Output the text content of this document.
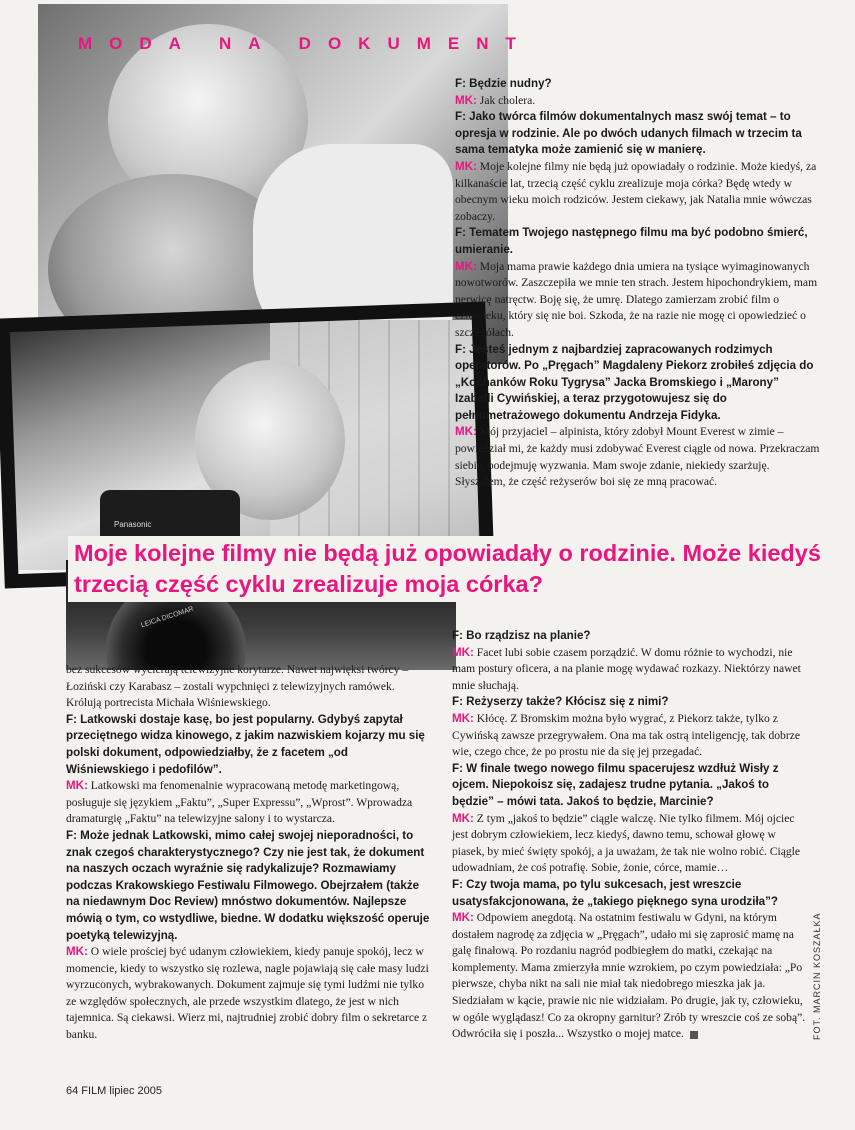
Panasonic
LEICA DICOMAR
MODA NA DOKUMENT

F: Będzie nudny?

MK: Jak cholera.

F: Jako twórca filmów dokumentalnych masz swój temat – to opresja w rodzinie. Ale po dwóch udanych filmach w trzecim ta sama tematyka może zamienić się w manierę.

MK: Moje kolejne filmy nie będą już opowiadały o rodzinie. Może kiedyś, za kilkanaście lat, trzecią część cyklu zrealizuje moja córka? Będę wtedy w obecnym wieku moich rodziców. Jestem ciekawy, jak Natalia mnie wówczas zobaczy.

F: Tematem Twojego następnego filmu ma być podobno śmierć, umieranie.

MK: Moja mama prawie każdego dnia umiera na tysiące wyimaginowanych nowotworów. Zaszczepiła we mnie ten strach. Jestem hipochondrykiem, mam nerwicę natręctw. Boję się, że umrę. Dlatego zamierzam zrobić film o człowieku, który się nie boi. Szkoda, że na razie nie mogę ci opowiedzieć o szczegółach.

F: Jesteś jednym z najbardziej zapracowanych rodzimych operatorów. Po „Pręgach” Magdaleny Piekorz zrobiłeś zdjęcia do „Kochanków Roku Tygrysa” Jacka Bromskiego i „Marony” Izabelli Cywińskiej, a teraz przygotowujesz się do pełnometrażowego dokumentu Andrzeja Fidyka.

MK: Mój przyjaciel – alpinista, który zdobył Mount Everest w zimie – powiedział mi, że każdy musi zdobywać Everest ciągle od nowa. Przekraczam siebie, podejmuję wyzwania. Mam swoje zdanie, niekiedy szarżuję. Słyszałem, że część reżyserów boi się ze mną pracować.

Moje kolejne filmy nie będą już opowiadały o rodzinie. Może kiedyś trzecią część cyklu zrealizuje moja córka?

bez sukcesów wycierają telewizyjne korytarze. Nawet najwięksi twórcy – Łoziński czy Karabasz – zostali wypchnięci z telewizyjnych ramówek. Królują portrecista Michała Wiśniewskiego.

F: Latkowski dostaje kasę, bo jest popularny. Gdybyś zapytał przeciętnego widza kinowego, z jakim nazwiskiem kojarzy mu się polski dokument, odpowiedziałby, że z facetem „od Wiśniewskiego i pedofilów”.

MK: Latkowski ma fenomenalnie wypracowaną metodę marketingową, posługuje się językiem „Faktu”, „Super Expressu”, „Wprost”. Wprowadza dramaturgię „Faktu” na telewizyjne salony i to wystarcza.

F: Może jednak Latkowski, mimo całej swojej nieporadności, to znak czegoś charakterystycznego? Czy nie jest tak, że dokument na naszych oczach wyraźnie się radykalizuje? Rozmawiamy podczas Krakowskiego Festiwalu Filmowego. Obejrzałem (także na niedawnym Doc Review) mnóstwo dokumentów. Najlepsze mówią o tym, co wstydliwe, biedne. W dodatku większość operuje poetyką telewizyjną.

MK: O wiele prościej być udanym człowiekiem, kiedy panuje spokój, lecz w momencie, kiedy to wszystko się rozlewa, nagle pojawiają się całe masy ludzi wyrzuconych, wybrakowanych. Dokument zajmuje się tymi ludźmi nie tylko ze względów społecznych, ale przede wszystkim dlatego, że jest w nich tajemnica. Są ciekawsi. Wierz mi, najtrudniej zrobić dobry film o sekretarce z banku.

F: Bo rządzisz na planie?

MK: Facet lubi sobie czasem porządzić. W domu różnie to wychodzi, nie mam postury oficera, a na planie mogę wydawać rozkazy. Niektórzy nawet mnie słuchają.

F: Reżyserzy także? Kłócisz się z nimi?

MK: Kłócę. Z Bromskim można było wygrać, z Piekorz także, tylko z Cywińską zawsze przegrywałem. Ona ma tak ostrą inteligencję, tak dobrze wie, czego chce, że po prostu nie da się jej przegadać.

F: W finale twego nowego filmu spacerujesz wzdłuż Wisły z ojcem. Niepokoisz się, zadajesz trudne pytania. „Jakoś to będzie” – mówi tata. Jakoś to będzie, Marcinie?

MK: Z tym „jakoś to będzie” ciągle walczę. Nie tylko filmem. Mój ojciec jest dobrym człowiekiem, lecz kiedyś, dawno temu, schował głowę w piasek, by mieć święty spokój, a ja uważam, że tak nie wolno robić. Ciągle udowadniam, że coś potrafię. Sobie, żonie, córce, mamie…

F: Czy twoja mama, po tylu sukcesach, jest wreszcie usatysfakcjonowana, że „takiego pięknego syna urodziła”?

MK: Odpowiem anegdotą. Na ostatnim festiwalu w Gdyni, na którym dostałem nagrodę za zdjęcia w „Pręgach”, udało mi się zaprosić mamę na galę finałową. Po rozdaniu nagród podbiegłem do matki, czekając na komplementy. Mama zmierzyła mnie wzrokiem, po czym powiedziała: „Po pierwsze, chyba nikt na sali nie miał tak niedobrego mieszka jak ja. Siedziałam w kącie, prawie nic nie widziałam. Po drugie, jak ty, człowieku, w ogóle wyglądasz! Co za okropny garnitur? Zrób ty wreszcie coś ze sobą”. Odwróciła się i poszła... Wszystko o mojej matce.

64 FILM lipiec 2005
FOT. MARCIN KOSZAŁKA
